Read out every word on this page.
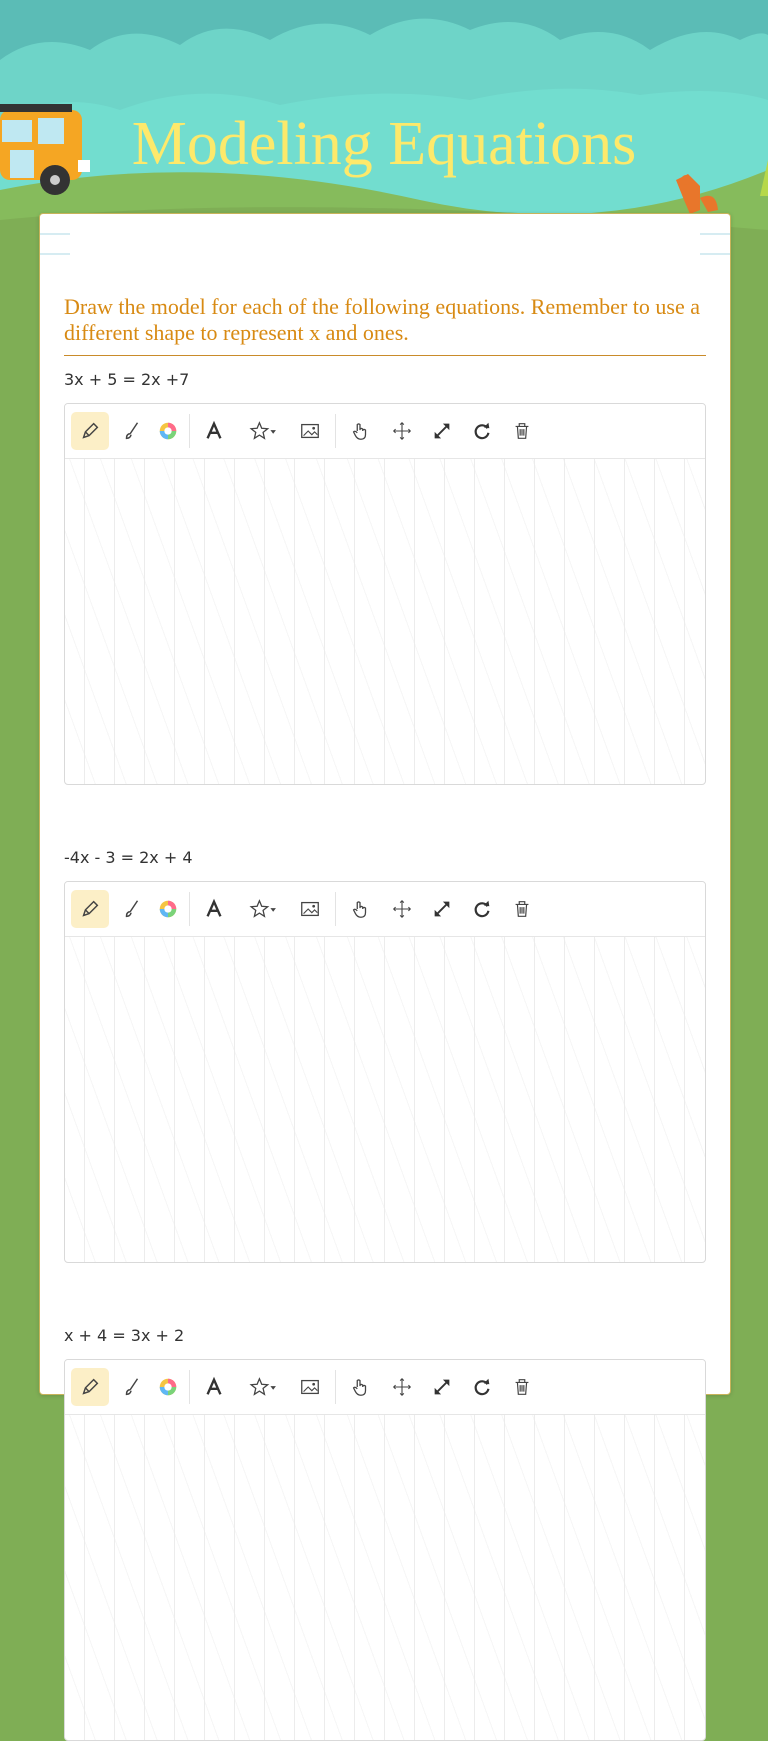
Modeling Equations
Draw the model for each of the following equations. Remember to use a different shape to represent x and ones.
3x + 5 = 2x +7
-4x - 3 = 2x + 4
x + 4 = 3x + 2
